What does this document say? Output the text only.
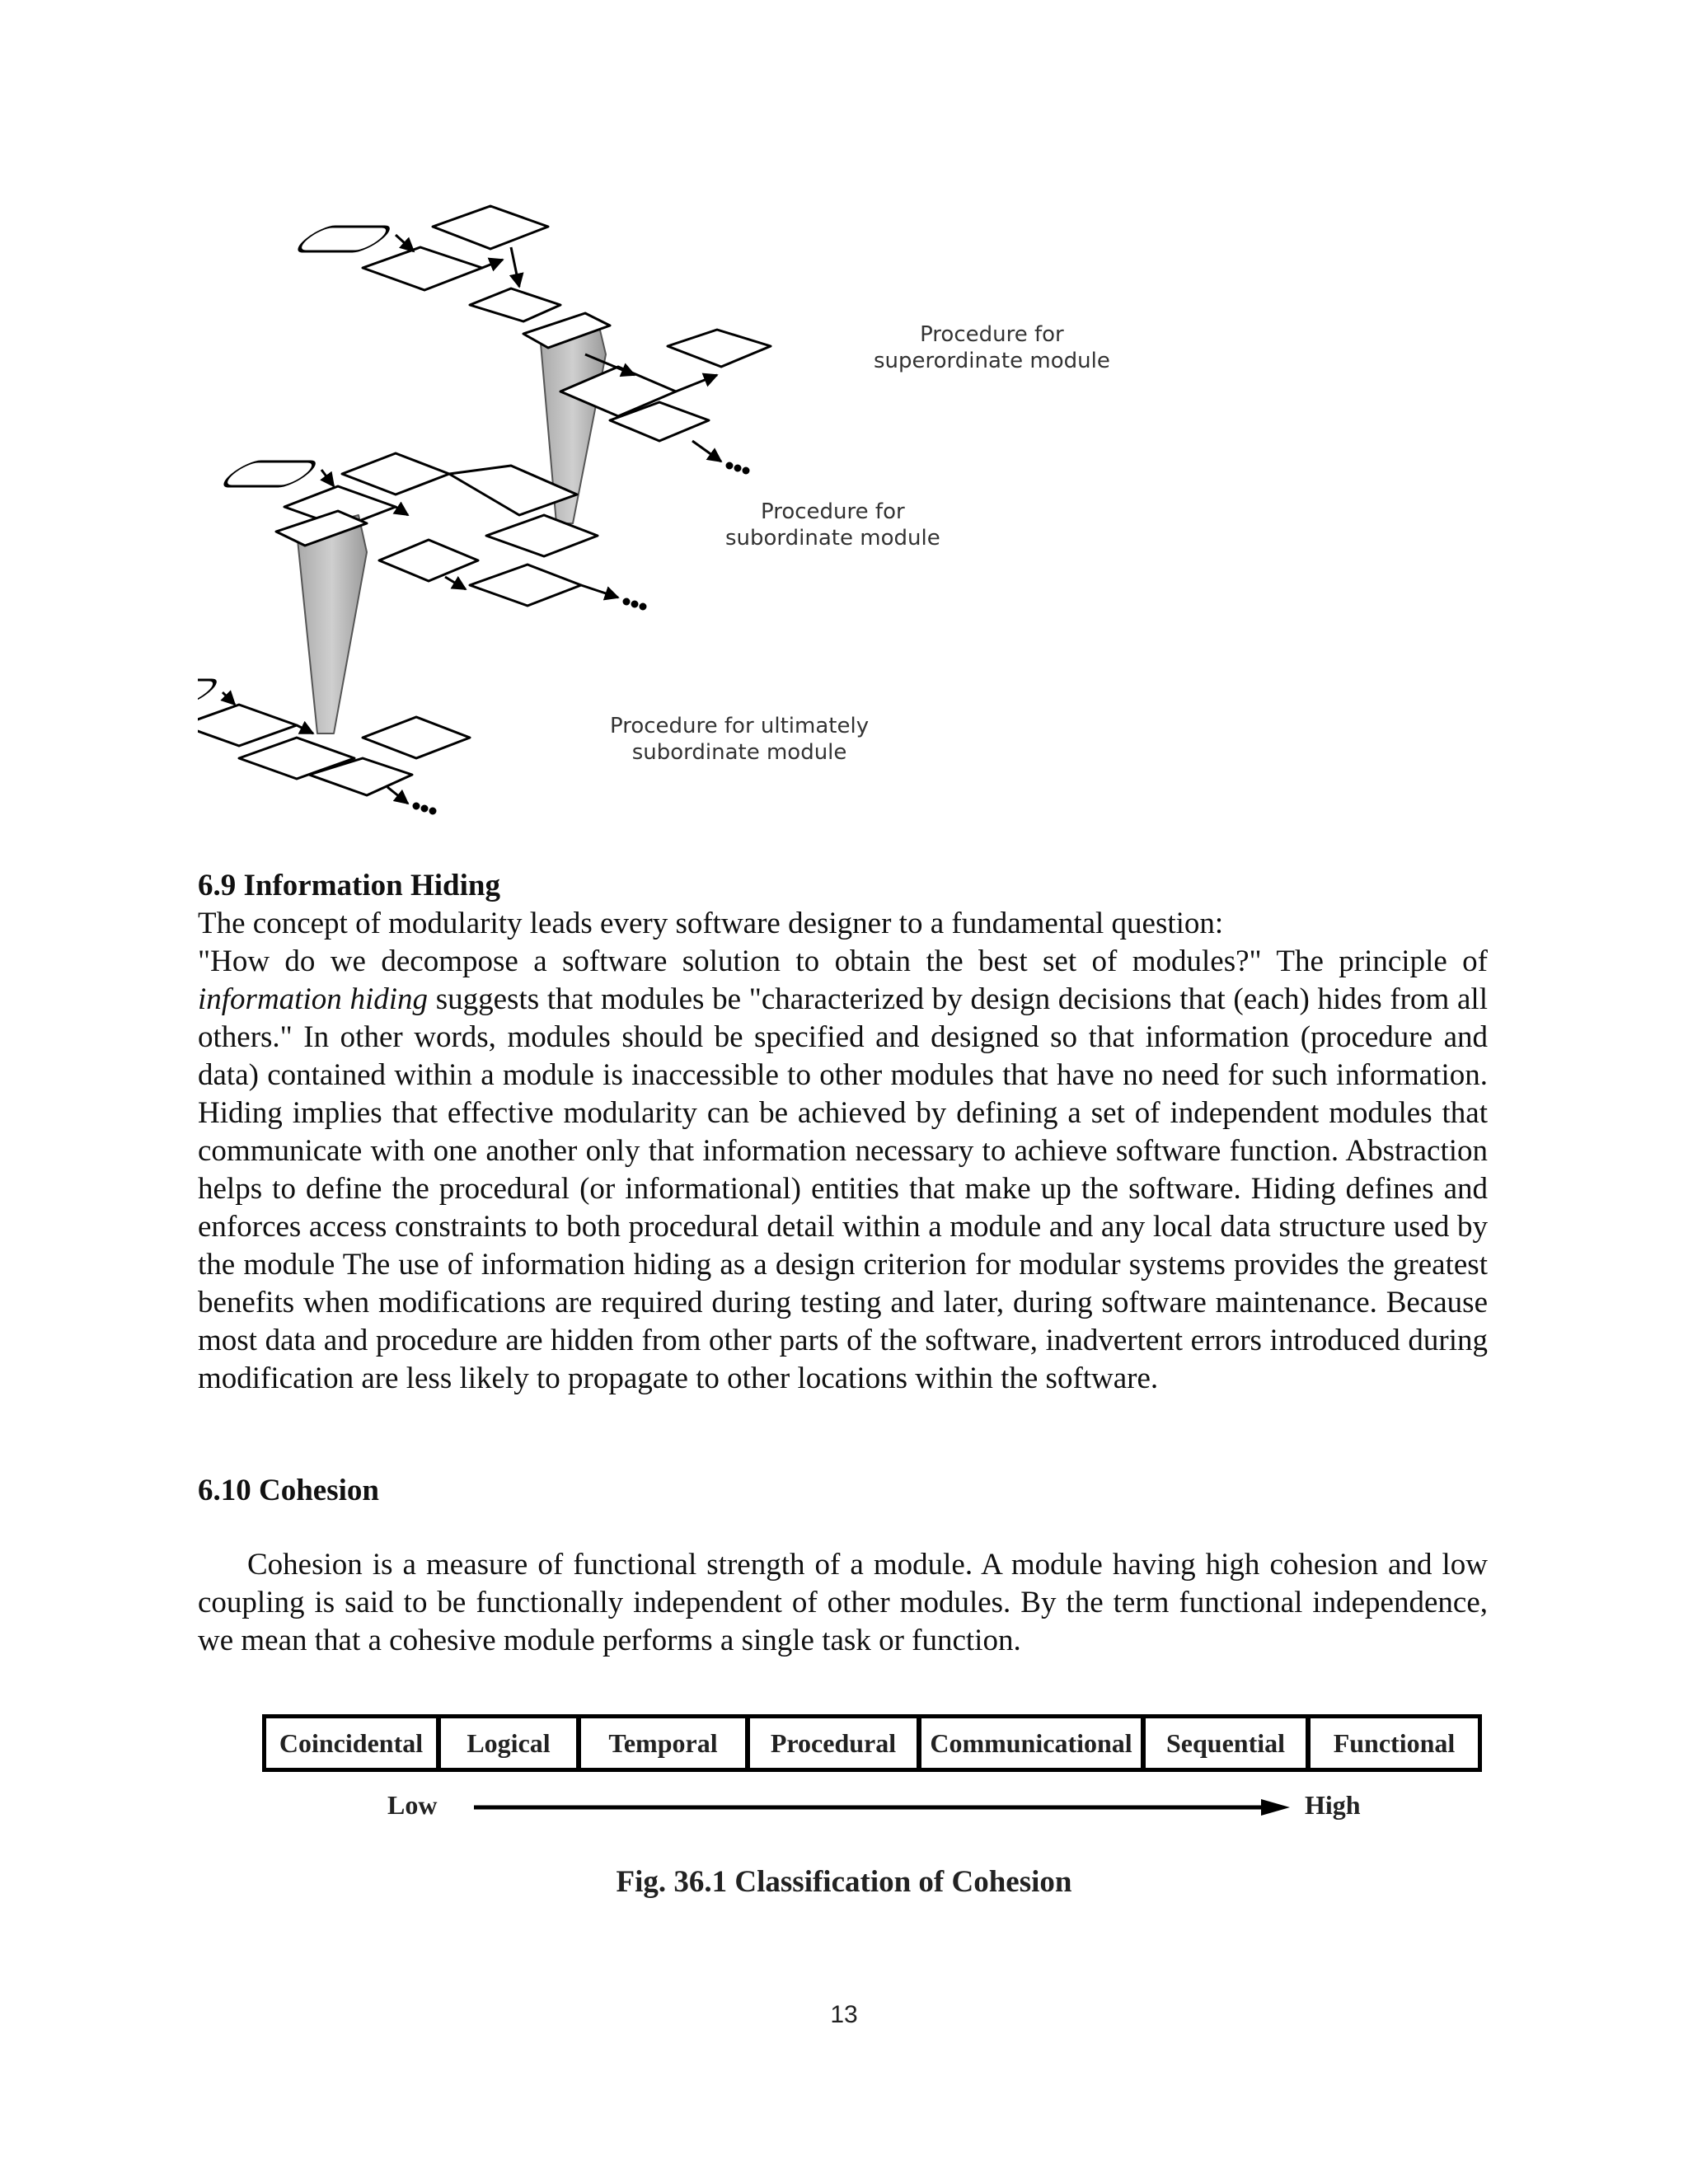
Procedure for
superordinate module
Procedure for
subordinate module
Procedure for ultimately
subordinate module

6.9 Information Hiding

The concept of modularity leads every software designer to a fundamental question:

"How do we decompose a software solution to obtain the best set of modules?" The principle of information hiding suggests that modules be "characterized by design decisions that (each) hides from all others." In other words, modules should be specified and designed so that information (procedure and data) contained within a module is inaccessible to other modules that have no need for such information. Hiding implies that effective modularity can be achieved by defining a set of independent modules that communicate with one another only that information necessary to achieve software function. Abstraction helps to define the procedural (or informational) entities that make up the software. Hiding defines and enforces access constraints to both procedural detail within a module and any local data structure used by the module The use of information hiding as a design criterion for modular systems provides the greatest benefits when modifications are required during testing and later, during software maintenance. Because most data and procedure are hidden from other parts of the software, inadvertent errors introduced during modification are less likely to propagate to other locations within the software.

6.10 Cohesion

Cohesion is a measure of functional strength of a module. A module having high cohesion and low coupling is said to be functionally independent of other modules. By the term functional independence, we mean that a cohesive module performs a single task or function.

Coincidental	Logical	Temporal	Procedural	Communicational	Sequential	Functional
Low	High
Fig. 36.1 Classification of Cohesion
13
